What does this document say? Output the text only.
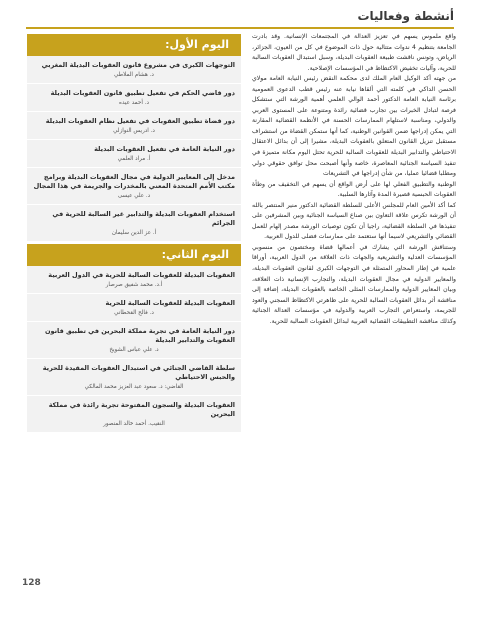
أنشطة وفعاليات

واقع ملموس يسهم في تعزيز العدالة في المجتمعات الإنسانية. وقد بادرت الجامعة بتنظيم 4 ندوات متتالية حول ذات الموضوع في كل من العيون، الجزائر، الرياض، وتونس ناقشت طبيعة العقوبات البديلة، وسبل استبدال العقوبات السالبة للحرية، وآليات تخفيض الاكتظاظ في المؤسسات الإصلاحية.

من جهته أكد الوكيل العام الملك لدى محكمة النقض رئيس النيابة العامة مولاي الحسن الداكي في كلمته التي ألقاها نيابة عنه رئيس قطب الدعوى العمومية برئاسة النيابة العامة الدكتور أحمد الوالي العلمي أهمية الورشة التي ستشكل فرصة لتبادل الخبرات بين تجارب قضائية رائدة ومتنوعة على المستوى العربي والدولي، ومناسبة لاستلهام الممارسات الحسنة في الأنظمة القضائية المقارنة التي يمكن إدراجها ضمن القوانين الوطنية، كما أنها ستمكن القضاة من استشراف مستقبل تنزيل القانون المتعلق بالعقوبات البديلة، مشيرا إلى أن بدائل الاعتقال الاحتياطي والتدابير البديلة للعقوبات السالبة للحرية تحتل اليوم مكانة متميزة في تنفيذ السياسة الجنائية المعاصرة، خاصة وأنها أصبحت محل توافق حقوقي دولي ومطلبا قضائيا عمليا، من شأن إدراجها في التشريعات

الوطنية والتطبيق الفعلي لها على أرض الواقع أن يسهم في التخفيف من وطأة العقوبات الحبسية قصيرة المدة وآثارها السلبية.

كما أكد الأمين العام للمجلس الأعلى للسلطة القضائية الدكتور منير المنتصر بالله أن الورشة تكرس علاقة التعاون بين صناع السياسة الجنائية وبين المشرفين على تنفيذها في السلطة القضائية، راجيا أن تكون توصيات الورشة مصدر إلهام للعمل القضائي والتشريعي لاسيما أنها ستعتمد على ممارسات فضلى للدول العربية.

وستناقش الورشة التي يشارك في أعمالها قضاة ومختصون من منسوبي المؤسسات العدلية والتشريعية والجهات ذات العلاقة من الدول العربية، أوراقا علمية في إطار المحاور المتمثلة في التوجهات الكبرى لقانون العقوبات البديلة، والمعايير الدولية في مجال العقوبات البديلة، والتجارب الإنسانية ذات العلاقة، وبيان المعايير الدولية والممارسات المثلى الخاصة بالعقوبات البديلة، إضافة إلى مناقشة أثر بدائل العقوبات السالبة للحرية على ظاهرتي الاكتظاظ السجني والعود للجريمة، واستعراض التجارب العربية والدولية في مؤسسات العدالة الجنائية وكذلك مناقشة التطبيقات القضائية العربية لبدائل العقوبات السالبة للحرية.

اليوم الأول:
التوجهات الكبرى في مشروع قانون العقوبات البديلة المغربي
د. هشام الملاطي
دور قاضي الحكم في تفعيل تطبيق قانون العقوبات البديلة
د. أحمد عيده
دور قضاة تطبيق العقوبات في تفعيل نظام العقوبات البديلة
د. ادريس النوازلي
دور النيابة العامة في تفعيل العقوبات البديلة
أ. مراد العلمي
مدخل إلى المعايير الدولية في مجال العقوبات البديلة وبرامج مكتب الأمم المتحدة المعني بالمخدرات والجريمة في هذا المجال
د. علي عيسى
استخدام العقوبات البديلة والتدابير غير السالبة للحرية في الجرائم
أ. عز الدين سليمان
اليوم الثاني:
العقوبات البديلة للعقوبات السالبة للحرية في الدول العربية
أ.د. محمد شفيق صرصار
العقوبات البديلة للعقوبات السالبة للحرية
د. فالح القحطاني
دور النيابة العامة في تجربة مملكة البحرين في تطبيق قانون العقوبات والتدابير البديلة
د. علي عباس الشويخ
سلطة القاضي الجنائي في استبدال العقوبات المقيدة للحرية والحبس الاحتياطي
القاضي: د. سعود عبد العزيز محمد المالكي
العقوبات البديلة والسجون المفتوحة تجربة رائدة في مملكة البحرين
النقيب. أحمد خالد المنصور
128
